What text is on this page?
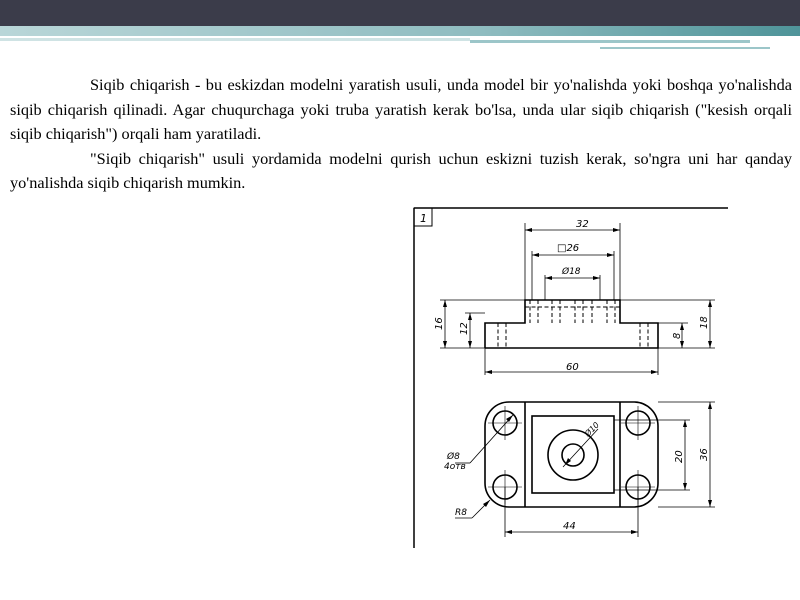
Siqib chiqarish - bu eskizdan modelni yaratish usuli, unda model bir yo'nalishda yoki boshqa yo'nalishda siqib chiqarish qilinadi. Agar chuqurchaga yoki truba yaratish kerak bo'lsa, unda ular siqib chiqarish ("kesish orqali siqib chiqarish") orqali ham yaratiladi.

"Siqib chiqarish" usuli yordamida modelni qurish uchun eskizni tuzish kerak, so'ngra uni har qanday yo'nalishda siqib chiqarish mumkin.

1	32
□26
Ø18
60
16 12
8
18
Ø8
4отв
R8
Ø10
20 36
44
